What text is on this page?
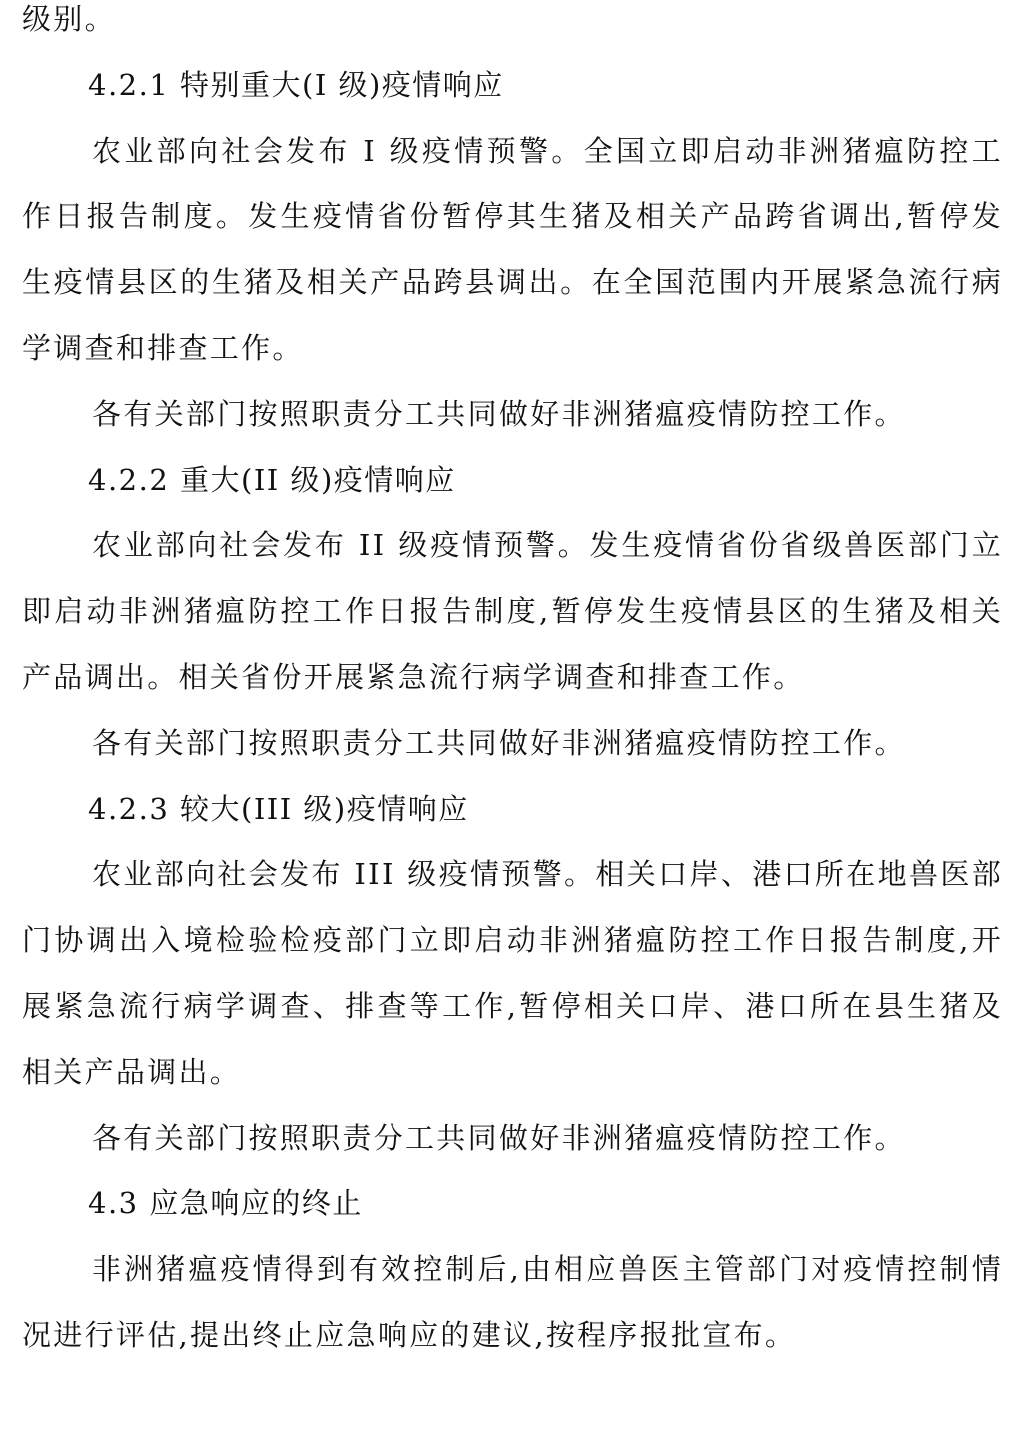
级别。

4.2.1 特别重大(I 级)疫情响应

农业部向社会发布 I 级疫情预警。全国立即启动非洲猪瘟防控工作日报告制度。发生疫情省份暂停其生猪及相关产品跨省调出,暂停发生疫情县区的生猪及相关产品跨县调出。在全国范围内开展紧急流行病学调查和排查工作。

各有关部门按照职责分工共同做好非洲猪瘟疫情防控工作。

4.2.2 重大(II 级)疫情响应

农业部向社会发布 II 级疫情预警。发生疫情省份省级兽医部门立即启动非洲猪瘟防控工作日报告制度,暂停发生疫情县区的生猪及相关产品调出。相关省份开展紧急流行病学调查和排查工作。

各有关部门按照职责分工共同做好非洲猪瘟疫情防控工作。

4.2.3 较大(III 级)疫情响应

农业部向社会发布 III 级疫情预警。相关口岸、港口所在地兽医部门协调出入境检验检疫部门立即启动非洲猪瘟防控工作日报告制度,开展紧急流行病学调查、排查等工作,暂停相关口岸、港口所在县生猪及相关产品调出。

各有关部门按照职责分工共同做好非洲猪瘟疫情防控工作。

4.3 应急响应的终止

非洲猪瘟疫情得到有效控制后,由相应兽医主管部门对疫情控制情况进行评估,提出终止应急响应的建议,按程序报批宣布。
